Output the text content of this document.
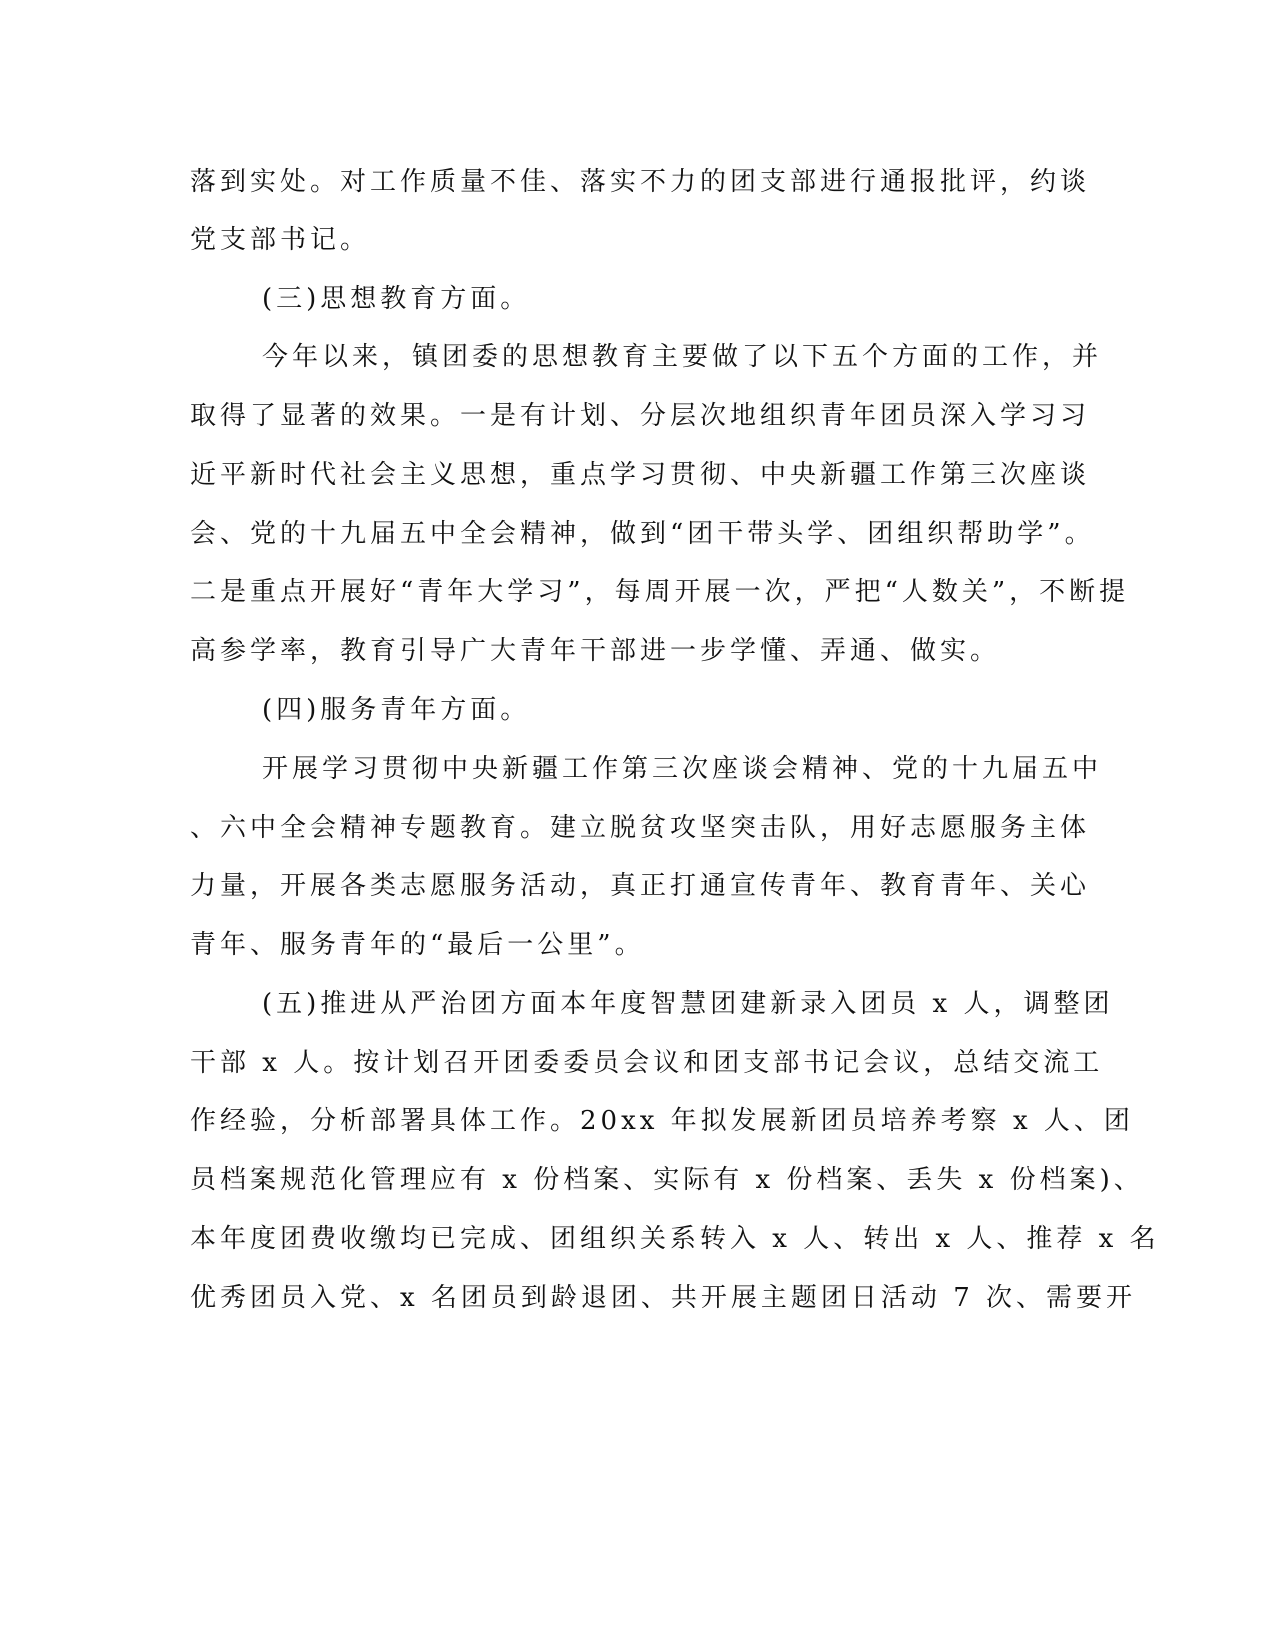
落到实处。对工作质量不佳、落实不力的团支部进行通报批评，约谈

党支部书记。

(三)思想教育方面。

今年以来，镇团委的思想教育主要做了以下五个方面的工作，并

取得了显著的效果。一是有计划、分层次地组织青年团员深入学习习

近平新时代社会主义思想，重点学习贯彻、中央新疆工作第三次座谈

会、党的十九届五中全会精神，做到“团干带头学、团组织帮助学”。

二是重点开展好“青年大学习”，每周开展一次，严把“人数关”，不断提

高参学率，教育引导广大青年干部进一步学懂、弄通、做实。

(四)服务青年方面。

开展学习贯彻中央新疆工作第三次座谈会精神、党的十九届五中

、六中全会精神专题教育。建立脱贫攻坚突击队，用好志愿服务主体

力量，开展各类志愿服务活动，真正打通宣传青年、教育青年、关心

青年、服务青年的“最后一公里”。

(五)推进从严治团方面本年度智慧团建新录入团员 x 人，调整团

干部 x 人。按计划召开团委委员会议和团支部书记会议，总结交流工

作经验，分析部署具体工作。20xx 年拟发展新团员培养考察 x 人、团

员档案规范化管理应有 x 份档案、实际有 x 份档案、丢失 x 份档案)、

本年度团费收缴均已完成、团组织关系转入 x 人、转出 x 人、推荐 x 名

优秀团员入党、x 名团员到龄退团、共开展主题团日活动 7 次、需要开
